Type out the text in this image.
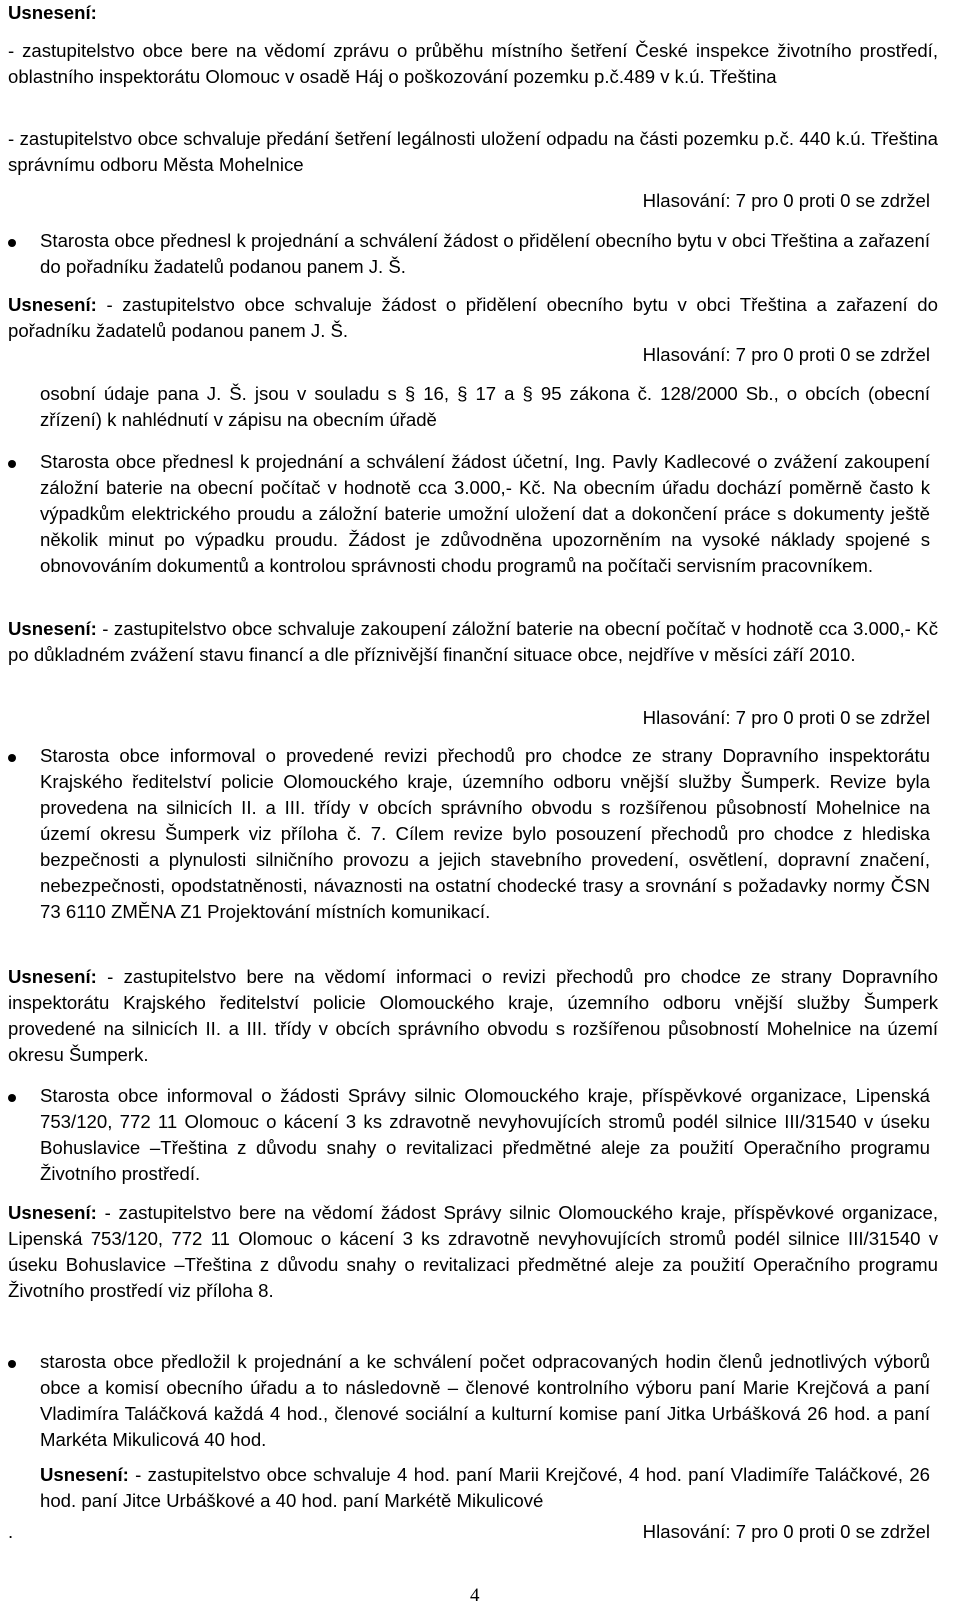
Usnesení:

- zastupitelstvo obce bere na vědomí zprávu o průběhu místního šetření České inspekce životního prostředí, oblastního inspektorátu Olomouc v osadě Háj o poškozování pozemku p.č.489 v k.ú. Třeština

- zastupitelstvo obce schvaluje předání šetření legálnosti uložení odpadu na části pozemku p.č. 440 k.ú. Třeština správnímu odboru Města Mohelnice

Hlasování: 7 pro 0 proti 0 se zdržel

Starosta obce přednesl k projednání a schválení žádost o přidělení obecního bytu v obci Třeština a zařazení do pořadníku žadatelů podanou panem J. Š.

Usnesení: - zastupitelstvo obce schvaluje žádost o přidělení obecního bytu v obci Třeština a zařazení do pořadníku žadatelů podanou panem J. Š.

Hlasování: 7 pro 0 proti 0 se zdržel

osobní údaje pana J. Š. jsou v souladu s § 16, § 17 a § 95 zákona č. 128/2000 Sb., o obcích (obecní zřízení) k nahlédnutí v zápisu na obecním úřadě

Starosta obce přednesl k projednání a schválení žádost účetní, Ing. Pavly Kadlecové o zvážení zakoupení záložní baterie na obecní počítač v hodnotě cca 3.000,- Kč. Na obecním úřadu dochází poměrně často k výpadkům elektrického proudu a záložní baterie umožní uložení dat a dokončení práce s dokumenty ještě několik minut po výpadku proudu. Žádost je zdůvodněna upozorněním na vysoké náklady spojené s obnovováním dokumentů a kontrolou správnosti chodu programů na počítači servisním pracovníkem.

Usnesení: - zastupitelstvo obce schvaluje zakoupení záložní baterie na obecní počítač v hodnotě cca 3.000,- Kč po důkladném zvážení stavu financí a dle příznivější finanční situace obce, nejdříve v měsíci září 2010.

Hlasování: 7 pro 0 proti 0 se zdržel

Starosta obce informoval o provedené revizi přechodů pro chodce ze strany Dopravního inspektorátu Krajského ředitelství policie Olomouckého kraje, územního odboru vnější služby Šumperk. Revize byla provedena na silnicích II. a III. třídy v obcích správního obvodu s rozšířenou působností Mohelnice na území okresu Šumperk viz příloha č. 7. Cílem revize bylo posouzení přechodů pro chodce z hlediska bezpečnosti a plynulosti silničního provozu a jejich stavebního provedení, osvětlení, dopravní značení, nebezpečnosti, opodstatněnosti, návaznosti na ostatní chodecké trasy a srovnání s požadavky normy ČSN 73 6110 ZMĚNA Z1 Projektování místních komunikací.

Usnesení: - zastupitelstvo bere na vědomí informaci o revizi přechodů pro chodce ze strany Dopravního inspektorátu Krajského ředitelství policie Olomouckého kraje, územního odboru vnější služby Šumperk provedené na silnicích II. a III. třídy v obcích správního obvodu s rozšířenou působností Mohelnice na území okresu Šumperk.

Starosta obce informoval o žádosti Správy silnic Olomouckého kraje, příspěvkové organizace, Lipenská 753/120, 772 11 Olomouc o kácení 3 ks zdravotně nevyhovujících stromů podél silnice III/31540 v úseku Bohuslavice –Třeština z důvodu snahy o revitalizaci předmětné aleje za použití Operačního programu Životního prostředí.

Usnesení: - zastupitelstvo bere na vědomí žádost Správy silnic Olomouckého kraje, příspěvkové organizace, Lipenská 753/120, 772 11 Olomouc o kácení 3 ks zdravotně nevyhovujících stromů podél silnice III/31540 v úseku Bohuslavice –Třeština z důvodu snahy o revitalizaci předmětné aleje za použití Operačního programu Životního prostředí viz příloha 8.

starosta obce předložil k projednání a ke schválení počet odpracovaných hodin členů jednotlivých výborů obce a komisí obecního úřadu a to následovně – členové kontrolního výboru paní Marie Krejčová a paní Vladimíra Taláčková každá 4 hod., členové sociální a kulturní komise paní Jitka Urbášková 26 hod. a paní Markéta Mikulicová 40 hod.

Usnesení: - zastupitelstvo obce schvaluje 4 hod. paní Marii Krejčové, 4 hod. paní Vladimíře Taláčkové, 26 hod. paní Jitce Urbáškové a 40 hod. paní Markétě Mikulicové

.	Hlasování: 7 pro 0 proti 0 se zdržel

4
